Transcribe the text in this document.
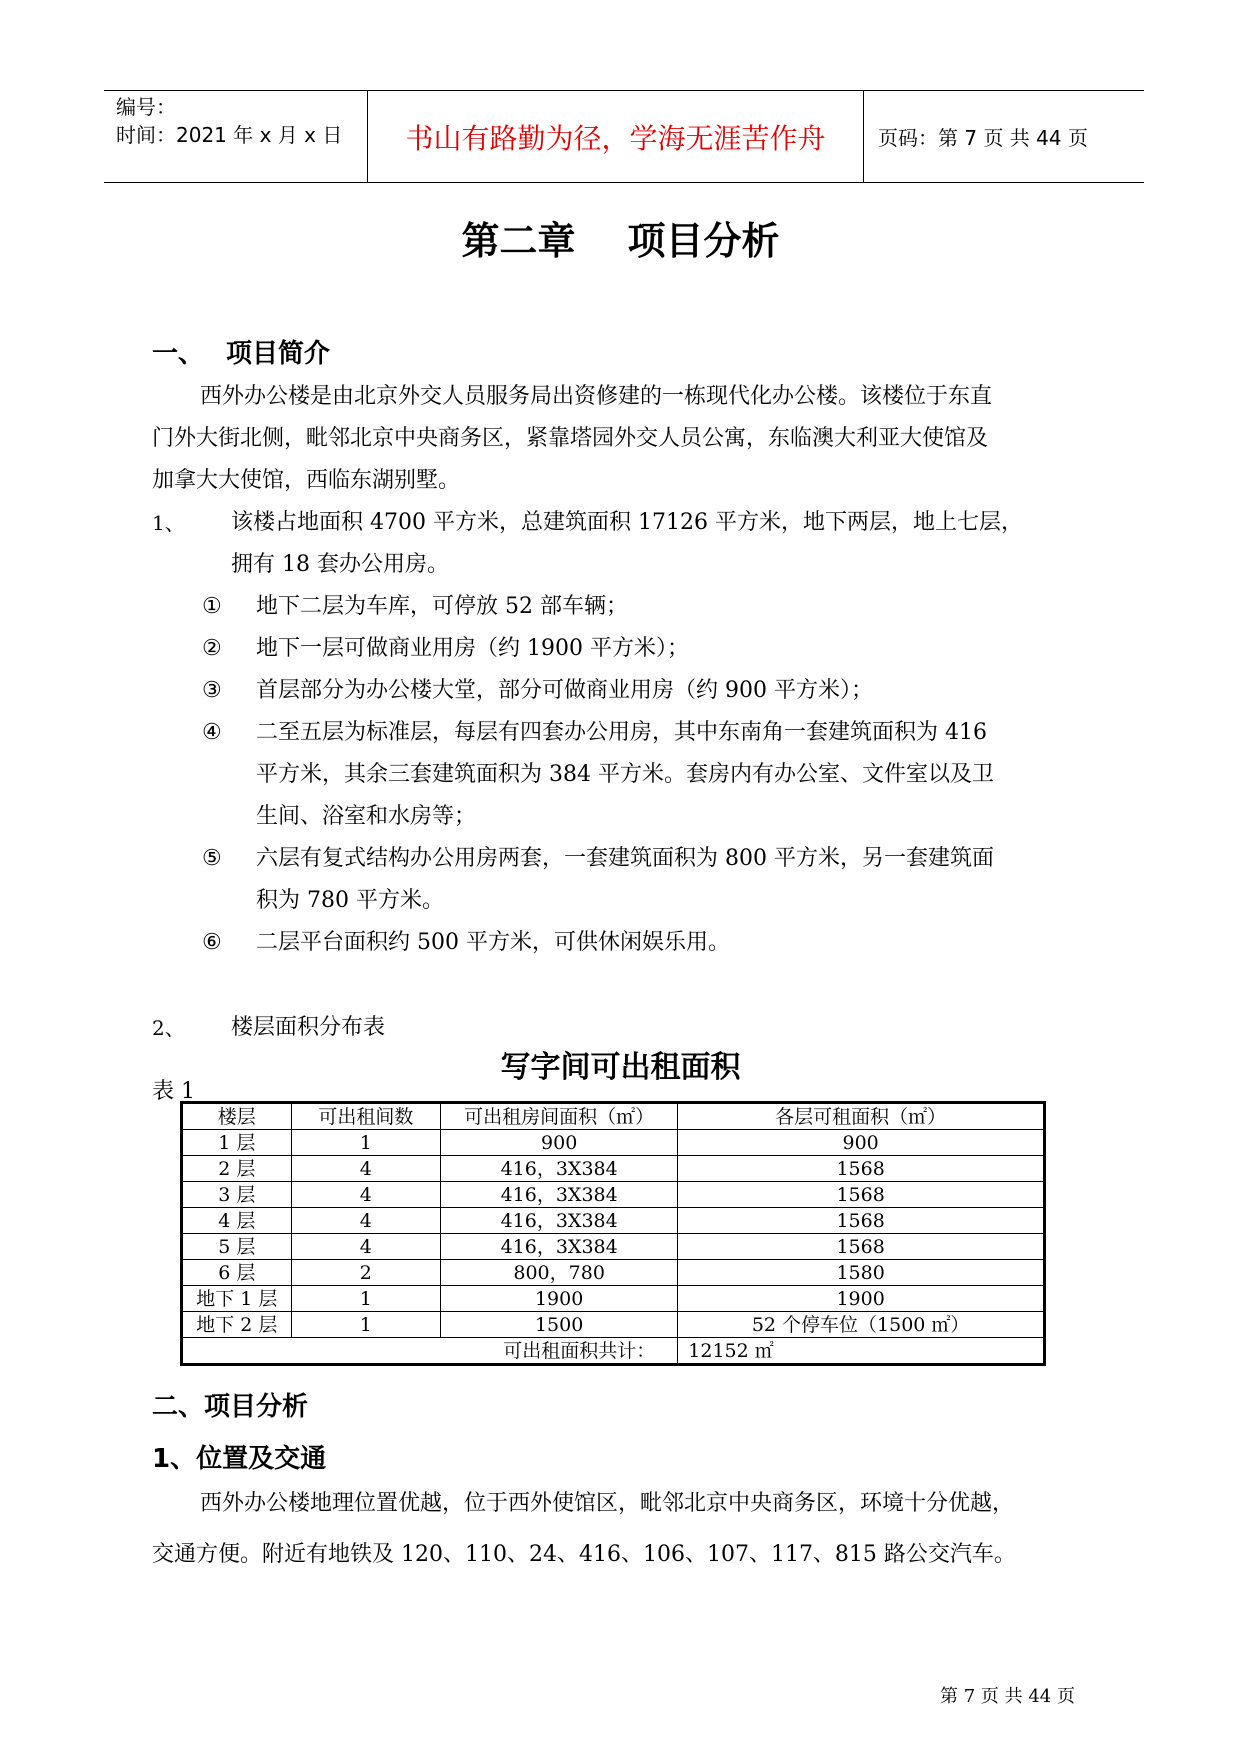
编号：
时间：2021 年 x 月 x 日	书山有路勤为径，学海无涯苦作舟	页码：第 7 页 共 44 页
第二章 项目分析
一、 项目简介
西外办公楼是由北京外交人员服务局出资修建的一栋现代化办公楼。该楼位于东直
门外大街北侧，毗邻北京中央商务区，紧靠塔园外交人员公寓，东临澳大利亚大使馆及
加拿大大使馆，西临东湖别墅。
1、 该楼占地面积 4700 平方米，总建筑面积 17126 平方米，地下两层，地上七层，
拥有 18 套办公用房。
① 地下二层为车库，可停放 52 部车辆；
② 地下一层可做商业用房（约 1900 平方米）；
③ 首层部分为办公楼大堂，部分可做商业用房（约 900 平方米）；
④ 二至五层为标准层，每层有四套办公用房，其中东南角一套建筑面积为 416
平方米，其余三套建筑面积为 384 平方米。套房内有办公室、文件室以及卫
生间、浴室和水房等；
⑤ 六层有复式结构办公用房两套，一套建筑面积为 800 平方米，另一套建筑面
积为 780 平方米。
⑥ 二层平台面积约 500 平方米，可供休闲娱乐用。
2、 楼层面积分布表
写字间可出租面积
表 1
楼层	可出租间数	可出租房间面积（㎡）	各层可租面积（㎡）
1 层	1	900	900
2 层	4	416，3X384	1568
3 层	4	416，3X384	1568
4 层	4	416，3X384	1568
5 层	4	416，3X384	1568
6 层	2	800，780	1580
地下 1 层	1	1900	1900
地下 2 层	1	1500	52 个停车位（1500 ㎡）
可出租面积共计：			12152 ㎡
二、项目分析
1、位置及交通
西外办公楼地理位置优越，位于西外使馆区，毗邻北京中央商务区，环境十分优越，
交通方便。附近有地铁及 120、110、24、416、106、107、117、815 路公交汽车。
第 7 页 共 44 页
